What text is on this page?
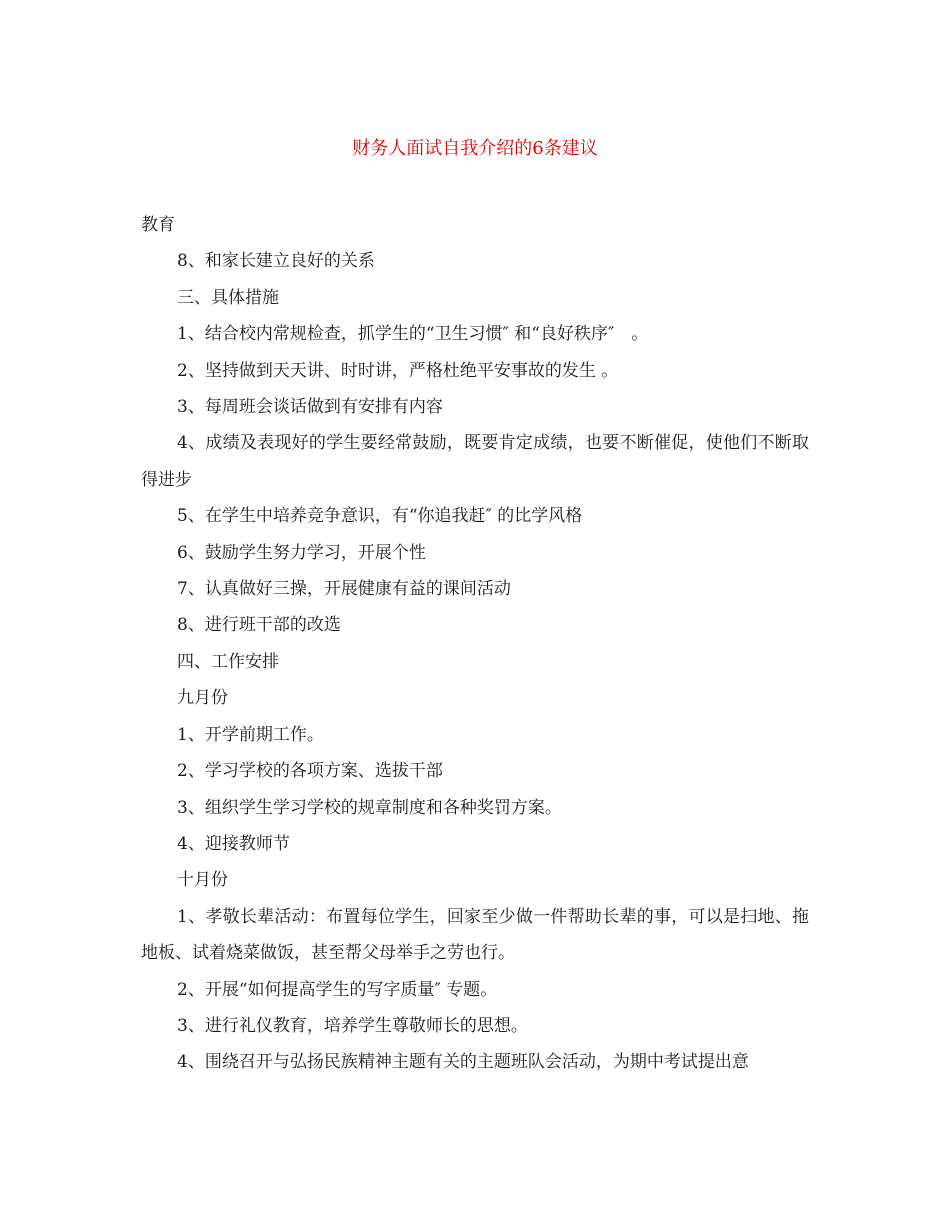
财务人面试自我介绍的6条建议

教育

8、和家长建立良好的关系

三、具体措施

1、结合校内常规检查，抓学生的“卫生习惯″ 和“良好秩序″　。

2、坚持做到天天讲、时时讲，严格杜绝平安事故的发生 。

3、每周班会谈话做到有安排有内容

4、成绩及表现好的学生要经常鼓励，既要肯定成绩，也要不断催促，使他们不断取得进步

5、在学生中培养竞争意识，有“你追我赶″ 的比学风格

6、鼓励学生努力学习，开展个性

7、认真做好三操，开展健康有益的课间活动

8、进行班干部的改选

四、工作安排

九月份

1、开学前期工作。

2、学习学校的各项方案、选拔干部

3、组织学生学习学校的规章制度和各种奖罚方案。

4、迎接教师节

十月份

1、孝敬长辈活动：布置每位学生，回家至少做一件帮助长辈的事，可以是扫地、拖地板、试着烧菜做饭，甚至帮父母举手之劳也行。

2、开展“如何提高学生的写字质量″ 专题。

3、进行礼仪教育，培养学生尊敬师长的思想。

4、围绕召开与弘扬民族精神主题有关的主题班队会活动，为期中考试提出意
